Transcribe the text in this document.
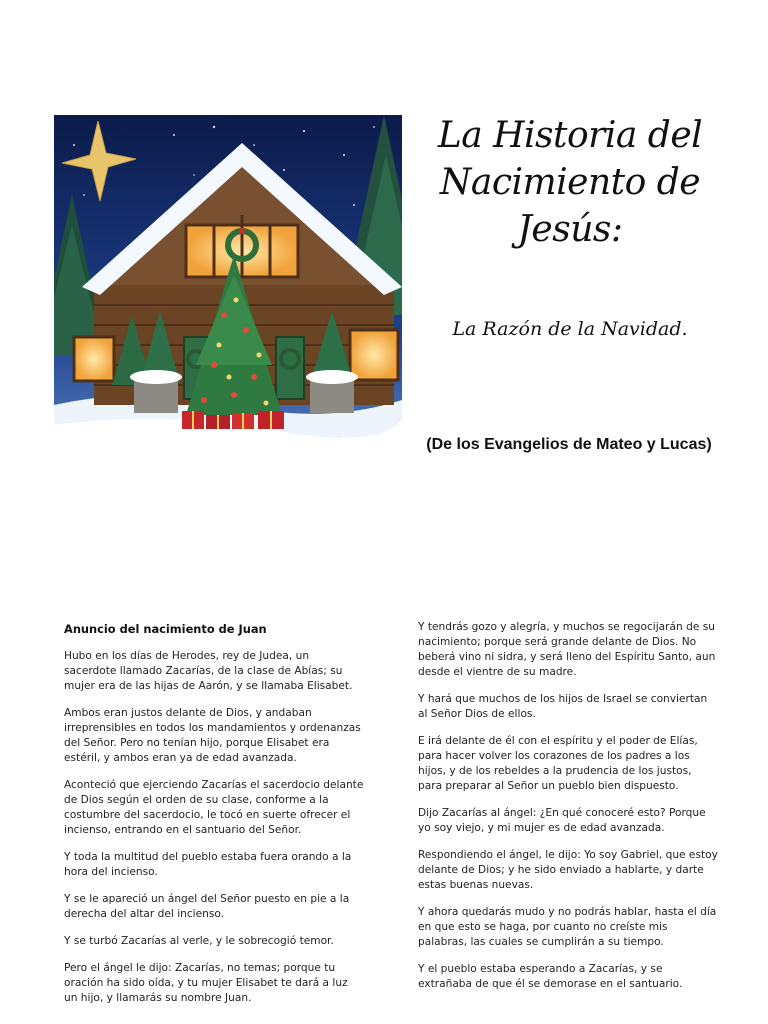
Artguru
La Historia del Nacimiento de Jesús:

La Razón de la Navidad.

(De los Evangelios de Mateo y Lucas)

Anuncio del nacimiento de Juan

Hubo en los días de Herodes, rey de Judea, un sacerdote llamado Zacarías, de la clase de Abías; su mujer era de las hijas de Aarón, y se llamaba Elisabet.

Ambos eran justos delante de Dios, y andaban irreprensibles en todos los mandamientos y ordenanzas del Señor. Pero no tenían hijo, porque Elisabet era estéril, y ambos eran ya de edad avanzada.

Aconteció que ejerciendo Zacarías el sacerdocio delante de Dios según el orden de su clase, conforme a la costumbre del sacerdocio, le tocó en suerte ofrecer el incienso, entrando en el santuario del Señor.

Y toda la multitud del pueblo estaba fuera orando a la hora del incienso.

Y se le apareció un ángel del Señor puesto en pie a la derecha del altar del incienso.

Y se turbó Zacarías al verle, y le sobrecogió temor.

Pero el ángel le dijo: Zacarías, no temas; porque tu oración ha sido oída, y tu mujer Elisabet te dará a luz un hijo, y llamarás su nombre Juan.

Y tendrás gozo y alegría, y muchos se regocijarán de su nacimiento; porque será grande delante de Dios. No beberá vino ni sidra, y será lleno del Espíritu Santo, aun desde el vientre de su madre.

Y hará que muchos de los hijos de Israel se conviertan al Señor Dios de ellos.

E irá delante de él con el espíritu y el poder de Elías, para hacer volver los corazones de los padres a los hijos, y de los rebeldes a la prudencia de los justos, para preparar al Señor un pueblo bien dispuesto.

Dijo Zacarías al ángel: ¿En qué conoceré esto? Porque yo soy viejo, y mi mujer es de edad avanzada.

Respondiendo el ángel, le dijo: Yo soy Gabriel, que estoy delante de Dios; y he sido enviado a hablarte, y darte estas buenas nuevas.

Y ahora quedarás mudo y no podrás hablar, hasta el día en que esto se haga, por cuanto no creíste mis palabras, las cuales se cumplirán a su tiempo.

Y el pueblo estaba esperando a Zacarías, y se extrañaba de que él se demorase en el santuario.
